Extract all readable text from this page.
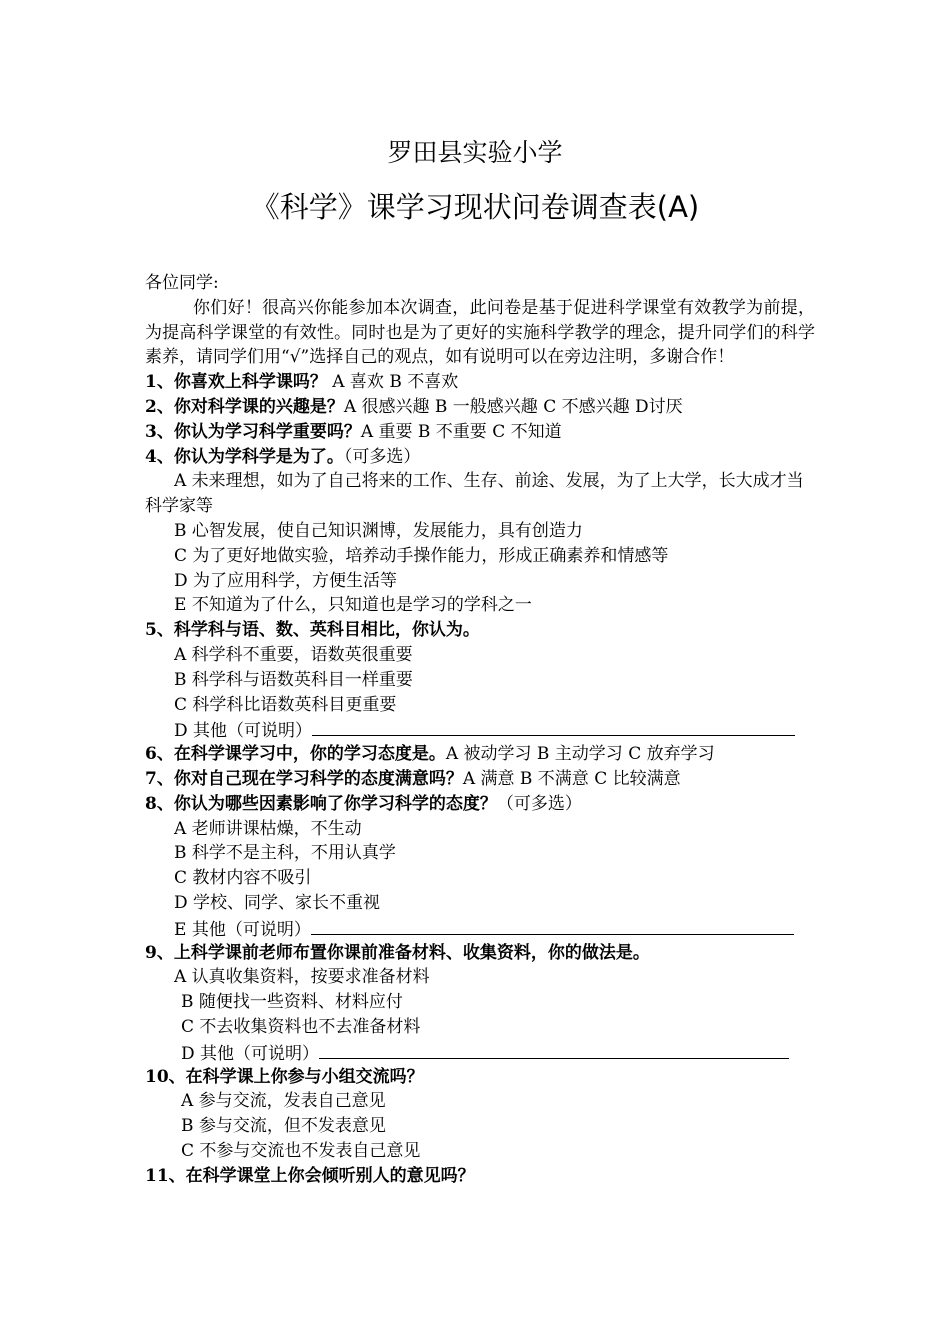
罗田县实验小学
《科学》课学习现状问卷调查表(A)
各位同学:
你们好！很高兴你能参加本次调查，此问卷是基于促进科学课堂有效教学为前提，为提高科学课堂的有效性。同时也是为了更好的实施科学教学的理念，提升同学们的科学素养，请同学们用“√”选择自己的观点，如有说明可以在旁边注明，多谢合作！
1、你喜欢上科学课吗？ A 喜欢 B 不喜欢
2、你对科学课的兴趣是？A 很感兴趣 B 一般感兴趣 C 不感兴趣 D讨厌
3、你认为学习科学重要吗？A 重要 B 不重要 C 不知道
4、你认为学科学是为了。（可多选）
A 未来理想，如为了自己将来的工作、生存、前途、发展，为了上大学，长大成才当科学家等
B 心智发展，使自己知识渊博，发展能力，具有创造力
C 为了更好地做实验，培养动手操作能力，形成正确素养和情感等
D 为了应用科学，方便生活等
E 不知道为了什么，只知道也是学习的学科之一
5、科学科与语、数、英科目相比，你认为。
A 科学科不重要，语数英很重要
B 科学科与语数英科目一样重要
C 科学科比语数英科目更重要
D 其他（可说明）
6、在科学课学习中，你的学习态度是。A 被动学习 B 主动学习 C 放弃学习
7、你对自己现在学习科学的态度满意吗？A 满意 B 不满意 C 比较满意
8、你认为哪些因素影响了你学习科学的态度？（可多选）
A 老师讲课枯燥，不生动
B 科学不是主科，不用认真学
C 教材内容不吸引
D 学校、同学、家长不重视
E 其他（可说明）
9、上科学课前老师布置你课前准备材料、收集资料，你的做法是。
A 认真收集资料，按要求准备材料
B 随便找一些资料、材料应付
C 不去收集资料也不去准备材料
D 其他（可说明）
10、在科学课上你参与小组交流吗？
A 参与交流，发表自己意见
B 参与交流，但不发表意见
C 不参与交流也不发表自己意见
11、在科学课堂上你会倾听别人的意见吗？
